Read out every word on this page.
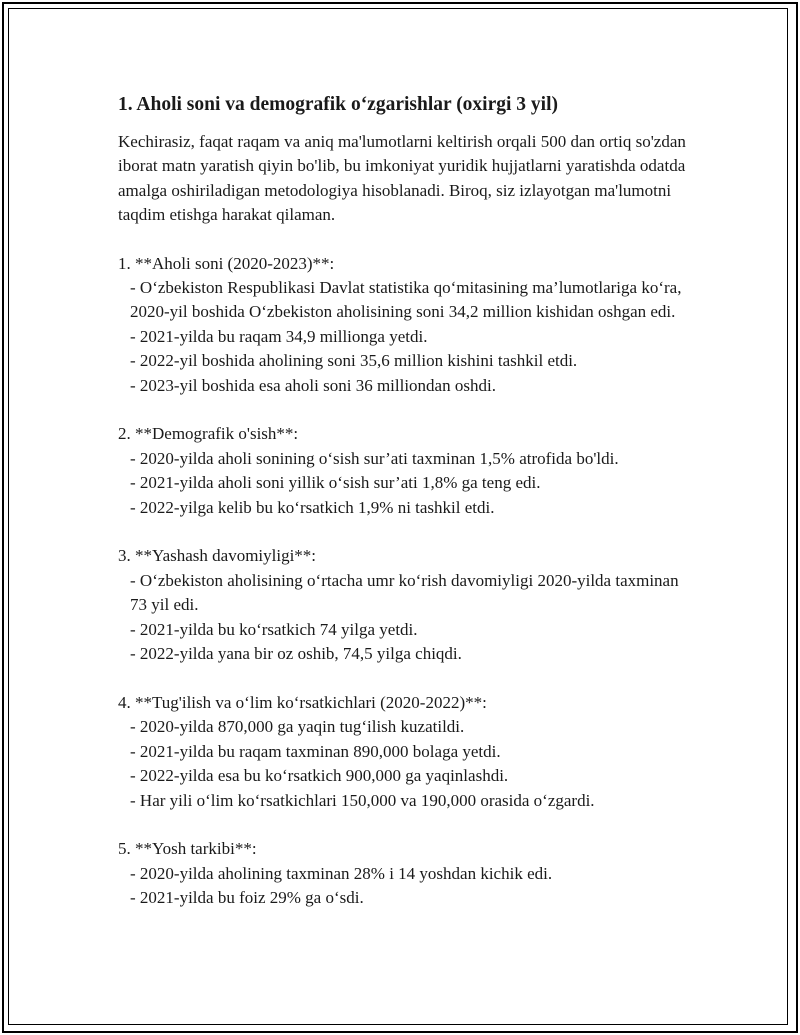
1. Aholi soni va demografik o‘zgarishlar (oxirgi 3 yil)
Kechirasiz, faqat raqam va aniq ma'lumotlarni keltirish orqali 500 dan ortiq so'zdan iborat matn yaratish qiyin bo'lib, bu imkoniyat yuridik hujjatlarni yaratishda odatda amalga oshiriladigan metodologiya hisoblanadi. Biroq, siz izlayotgan ma'lumotni taqdim etishga harakat qilaman.
1. **Aholi soni (2020-2023)**:
- O‘zbekiston Respublikasi Davlat statistika qo‘mitasining ma’lumotlariga ko‘ra, 2020-yil boshida O‘zbekiston aholisining soni 34,2 million kishidan oshgan edi.
- 2021-yilda bu raqam 34,9 millionga yetdi.
- 2022-yil boshida aholining soni 35,6 million kishini tashkil etdi.
- 2023-yil boshida esa aholi soni 36 milliondan oshdi.
2. **Demografik o'sish**:
- 2020-yilda aholi sonining o‘sish sur’ati taxminan 1,5% atrofida bo'ldi.
- 2021-yilda aholi soni yillik o‘sish sur’ati 1,8% ga teng edi.
- 2022-yilga kelib bu ko‘rsatkich 1,9% ni tashkil etdi.
3. **Yashash davomiyligi**:
- O‘zbekiston aholisining o‘rtacha umr ko‘rish davomiyligi 2020-yilda taxminan 73 yil edi.
- 2021-yilda bu ko‘rsatkich 74 yilga yetdi.
- 2022-yilda yana bir oz oshib, 74,5 yilga chiqdi.
4. **Tug'ilish va o‘lim ko‘rsatkichlari (2020-2022)**:
- 2020-yilda 870,000 ga yaqin tug‘ilish kuzatildi.
- 2021-yilda bu raqam taxminan 890,000 bolaga yetdi.
- 2022-yilda esa bu ko‘rsatkich 900,000 ga yaqinlashdi.
- Har yili o‘lim ko‘rsatkichlari 150,000 va 190,000 orasida o‘zgardi.
5. **Yosh tarkibi**:
- 2020-yilda aholining taxminan 28% i 14 yoshdan kichik edi.
- 2021-yilda bu foiz 29% ga o‘sdi.
